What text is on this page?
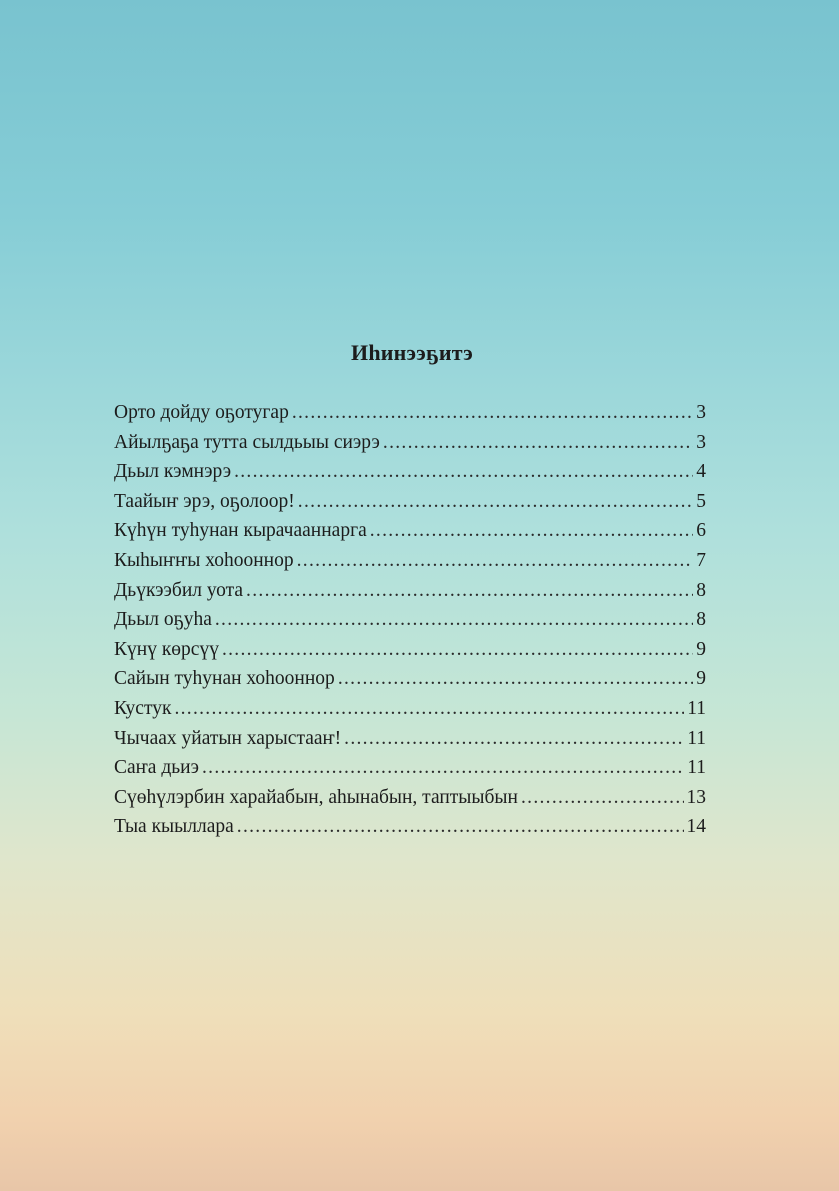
Иһинээҕитэ
Орто дойду оҕотугар .....	3
Айылҕаҕа тутта сылдьыы сиэрэ .....	3
Дьыл кэмнэрэ .....	4
Таайыҥ эрэ, оҕолоор! .....	5
Күһүн туһунан кырачааннарга .....	6
Кыһыҥҥы хоһооннор .....	7
Дьүкээбил уота .....	8
Дьыл оҕуһа .....	8
Күнү көрсүү .....	9
Сайын туһунан хоһооннор .....	9
Кустук .....	11
Чычаах уйатын харыстааҥ! .....	11
Саҥа дьиэ .....	11
Сүөһүлэрбин харайабын, аһынабын, таптыыбын .....	13
Тыа кыыллара .....	14
